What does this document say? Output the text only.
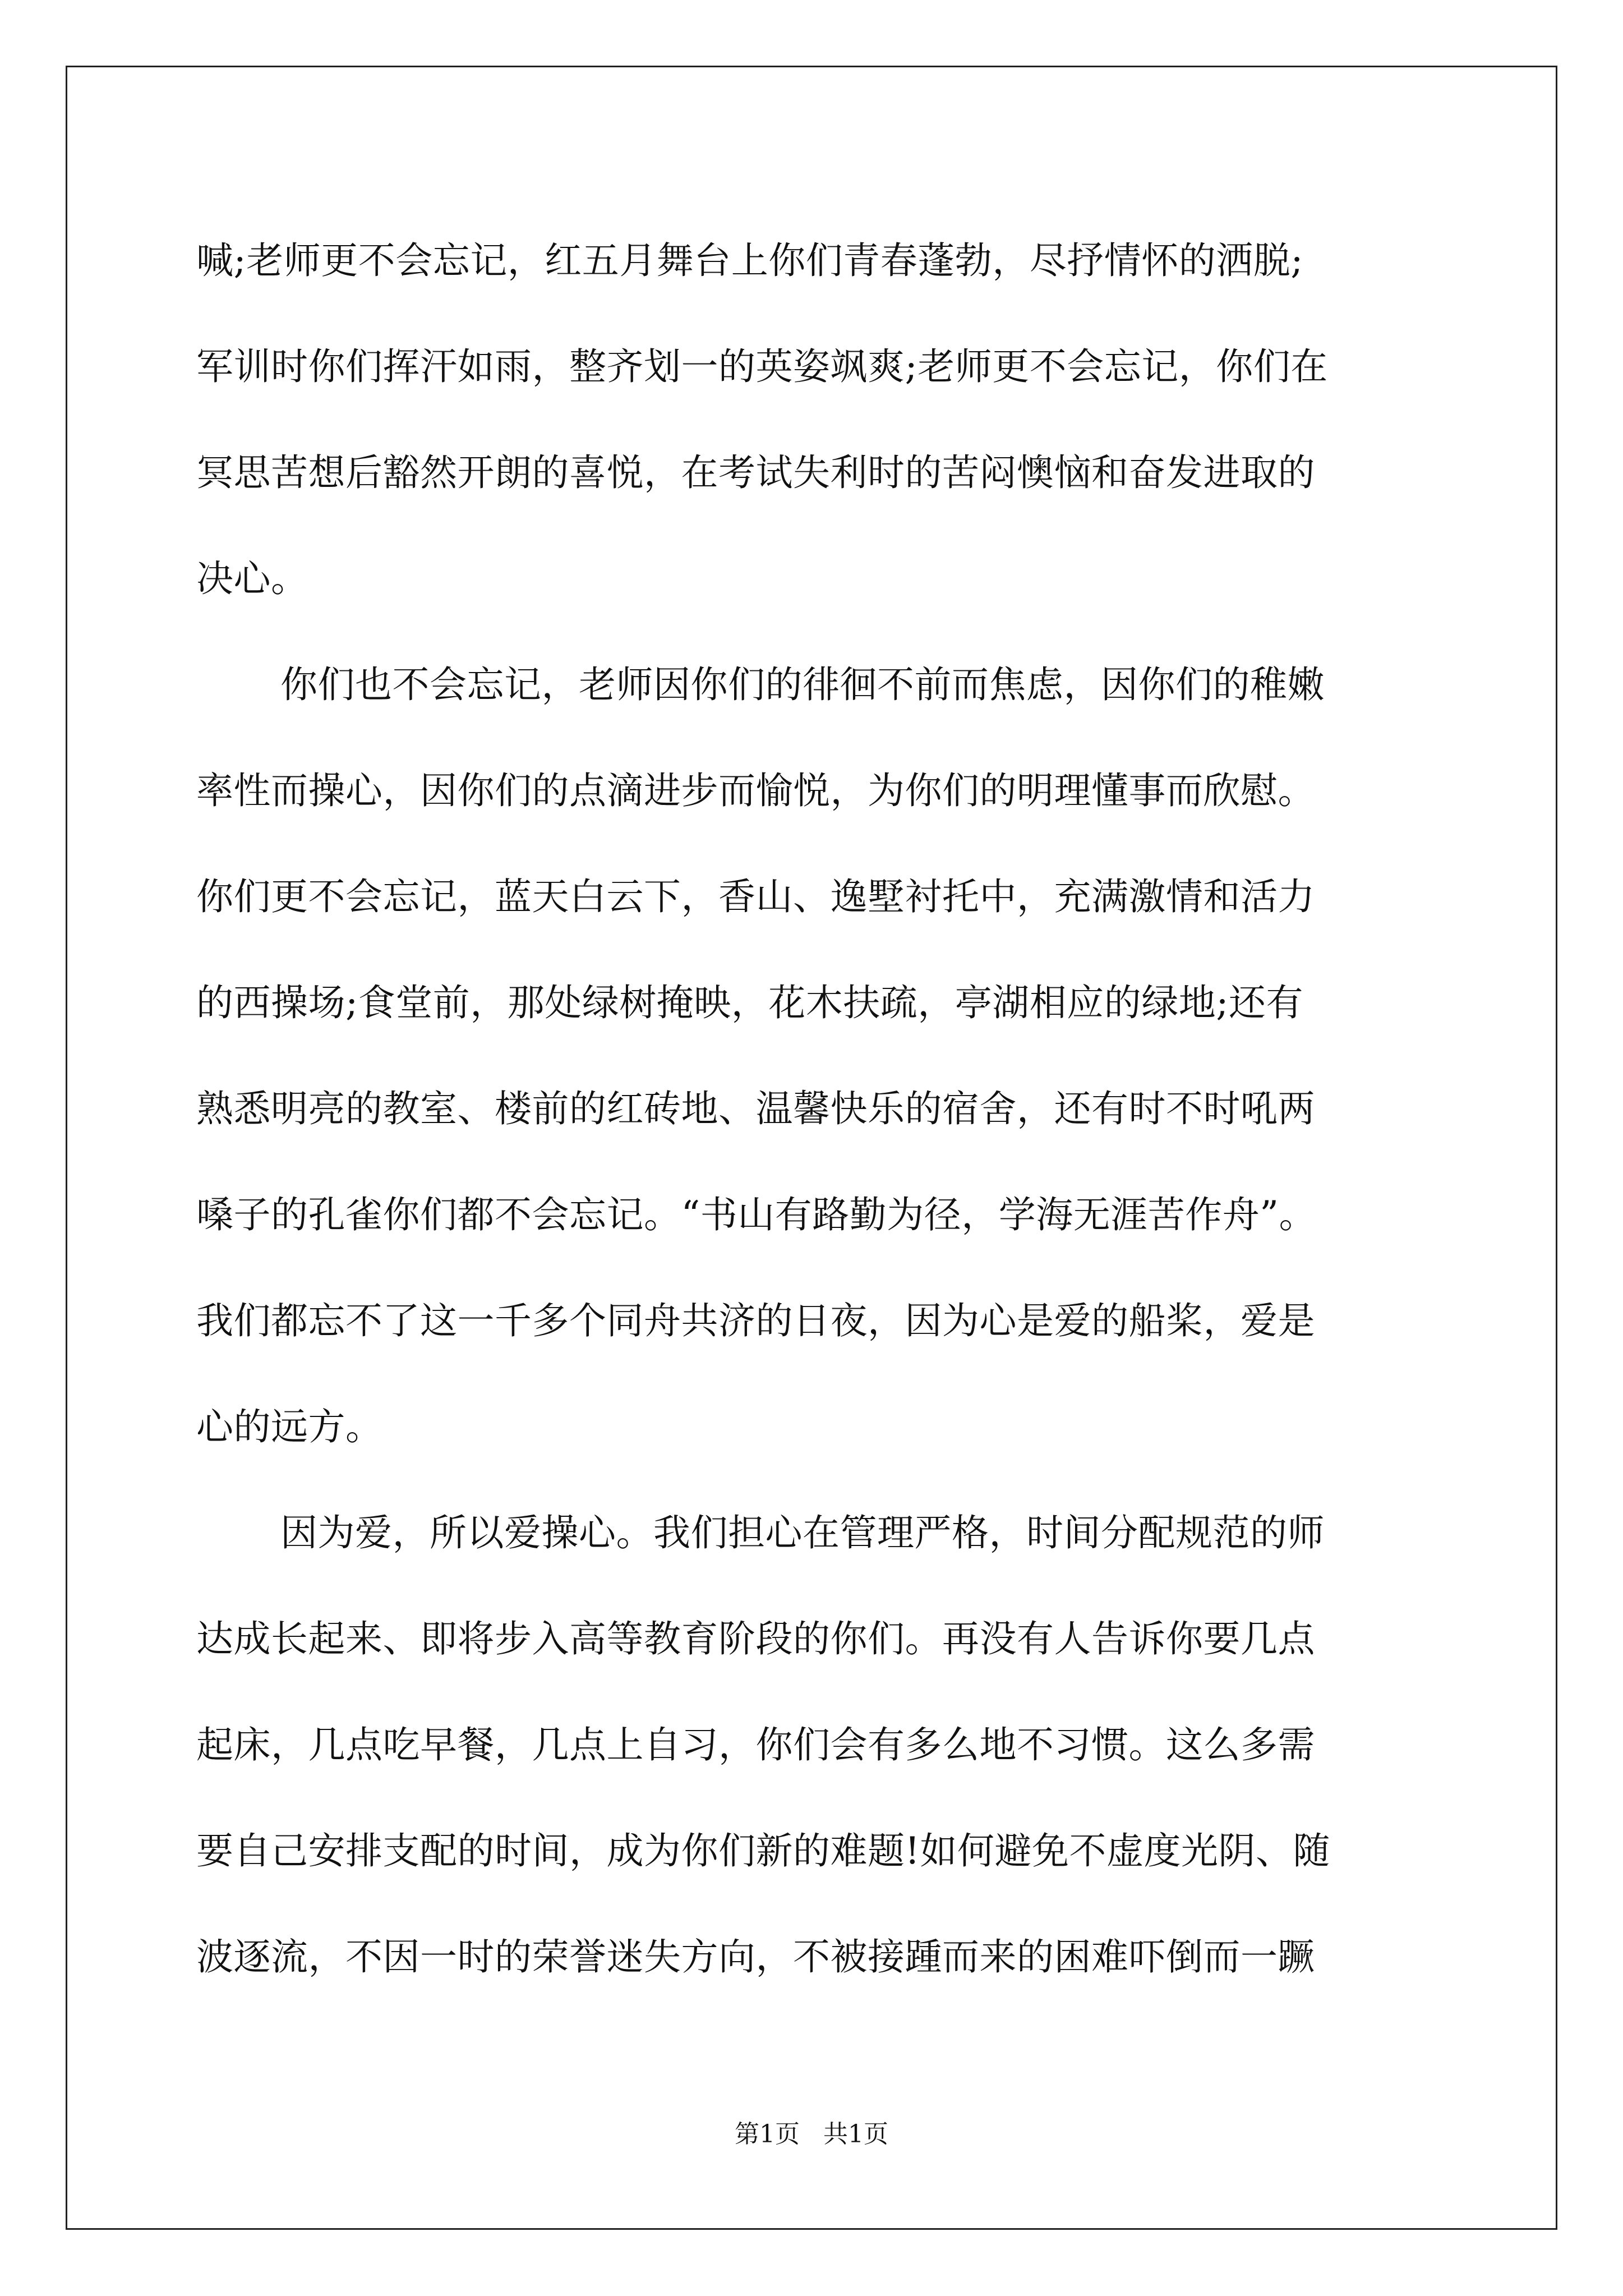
喊;老师更不会忘记，红五月舞台上你们青春蓬勃，尽抒情怀的洒脱;
军训时你们挥汗如雨，整齐划一的英姿飒爽;老师更不会忘记，你们在
冥思苦想后豁然开朗的喜悦，在考试失利时的苦闷懊恼和奋发进取的
决心。
你们也不会忘记，老师因你们的徘徊不前而焦虑，因你们的稚嫩
率性而操心，因你们的点滴进步而愉悦，为你们的明理懂事而欣慰。
你们更不会忘记，蓝天白云下，香山、逸墅衬托中，充满激情和活力
的西操场;食堂前，那处绿树掩映，花木扶疏，亭湖相应的绿地;还有
熟悉明亮的教室、楼前的红砖地、温馨快乐的宿舍，还有时不时吼两
嗓子的孔雀你们都不会忘记。“书山有路勤为径，学海无涯苦作舟”。
我们都忘不了这一千多个同舟共济的日夜，因为心是爱的船桨，爱是
心的远方。
因为爱，所以爱操心。我们担心在管理严格，时间分配规范的师
达成长起来、即将步入高等教育阶段的你们。再没有人告诉你要几点
起床，几点吃早餐，几点上自习，你们会有多么地不习惯。这么多需
要自己安排支配的时间，成为你们新的难题!如何避免不虚度光阴、随
波逐流，不因一时的荣誉迷失方向，不被接踵而来的困难吓倒而一蹶
第1页   共1页
